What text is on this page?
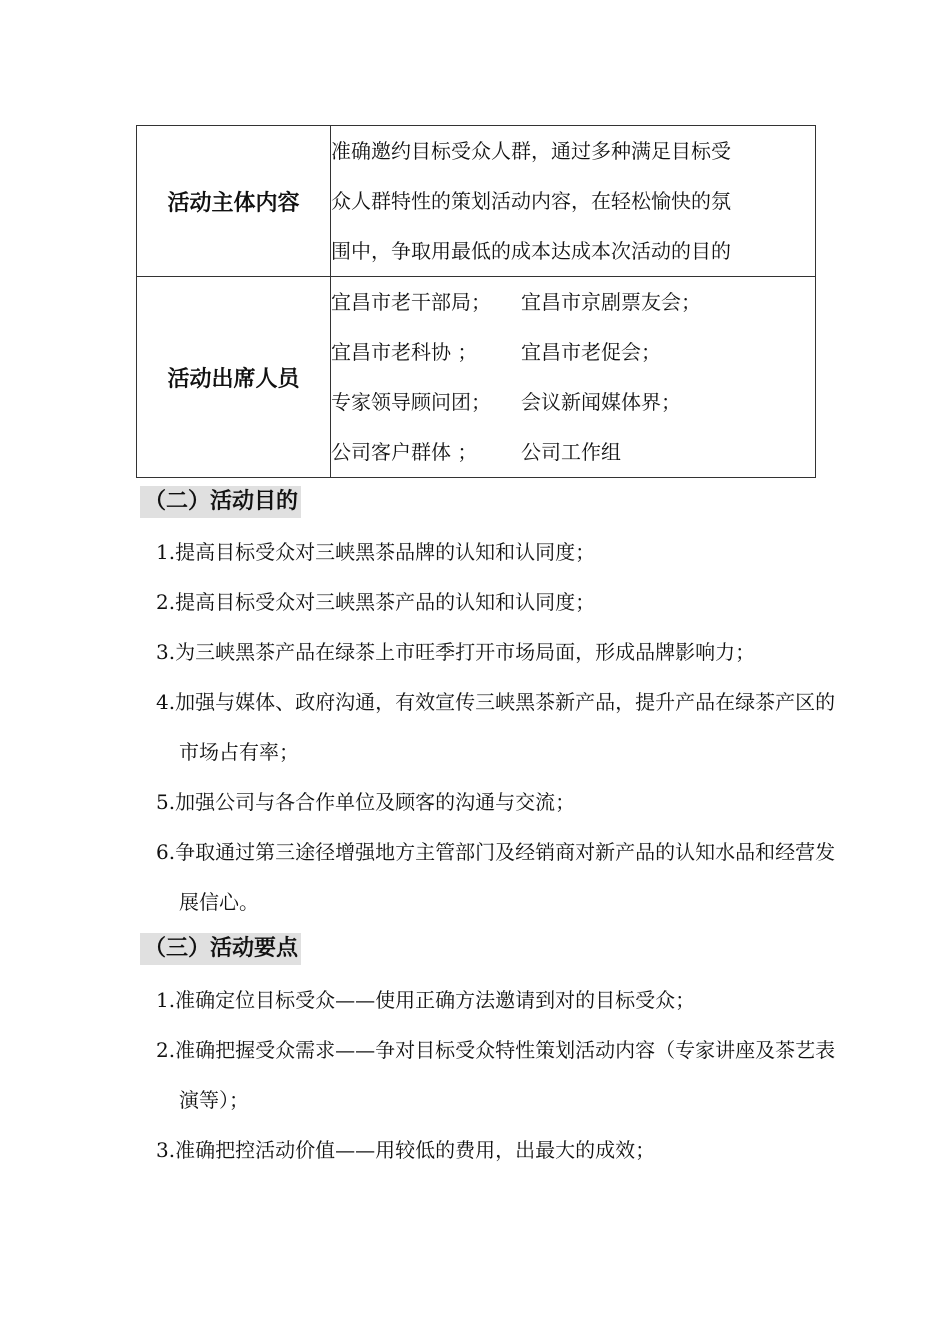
活动主体内容	准确邀约目标受众人群，通过多种满足目标受
众人群特性的策划活动内容，在轻松愉快的氛
围中，争取用最低的成本达成本次活动的目的

活动出席人员	宜昌市老干部局； 宜昌市京剧票友会；
宜昌市老科协 ； 宜昌市老促会；
专家领导顾问团； 会议新闻媒体界；
公司客户群体 ； 公司工作组
（二）活动目的
1.提高目标受众对三峡黑茶品牌的认知和认同度；
2.提高目标受众对三峡黑茶产品的认知和认同度；
3.为三峡黑茶产品在绿茶上市旺季打开市场局面，形成品牌影响力；
4.加强与媒体、政府沟通，有效宣传三峡黑茶新产品，提升产品在绿茶产区的市场占有率；
5.加强公司与各合作单位及顾客的沟通与交流；
6.争取通过第三途径增强地方主管部门及经销商对新产品的认知水品和经营发展信心。
（三）活动要点
1.准确定位目标受众——使用正确方法邀请到对的目标受众；
2.准确把握受众需求——争对目标受众特性策划活动内容（专家讲座及茶艺表演等）；
3.准确把控活动价值——用较低的费用，出最大的成效；
